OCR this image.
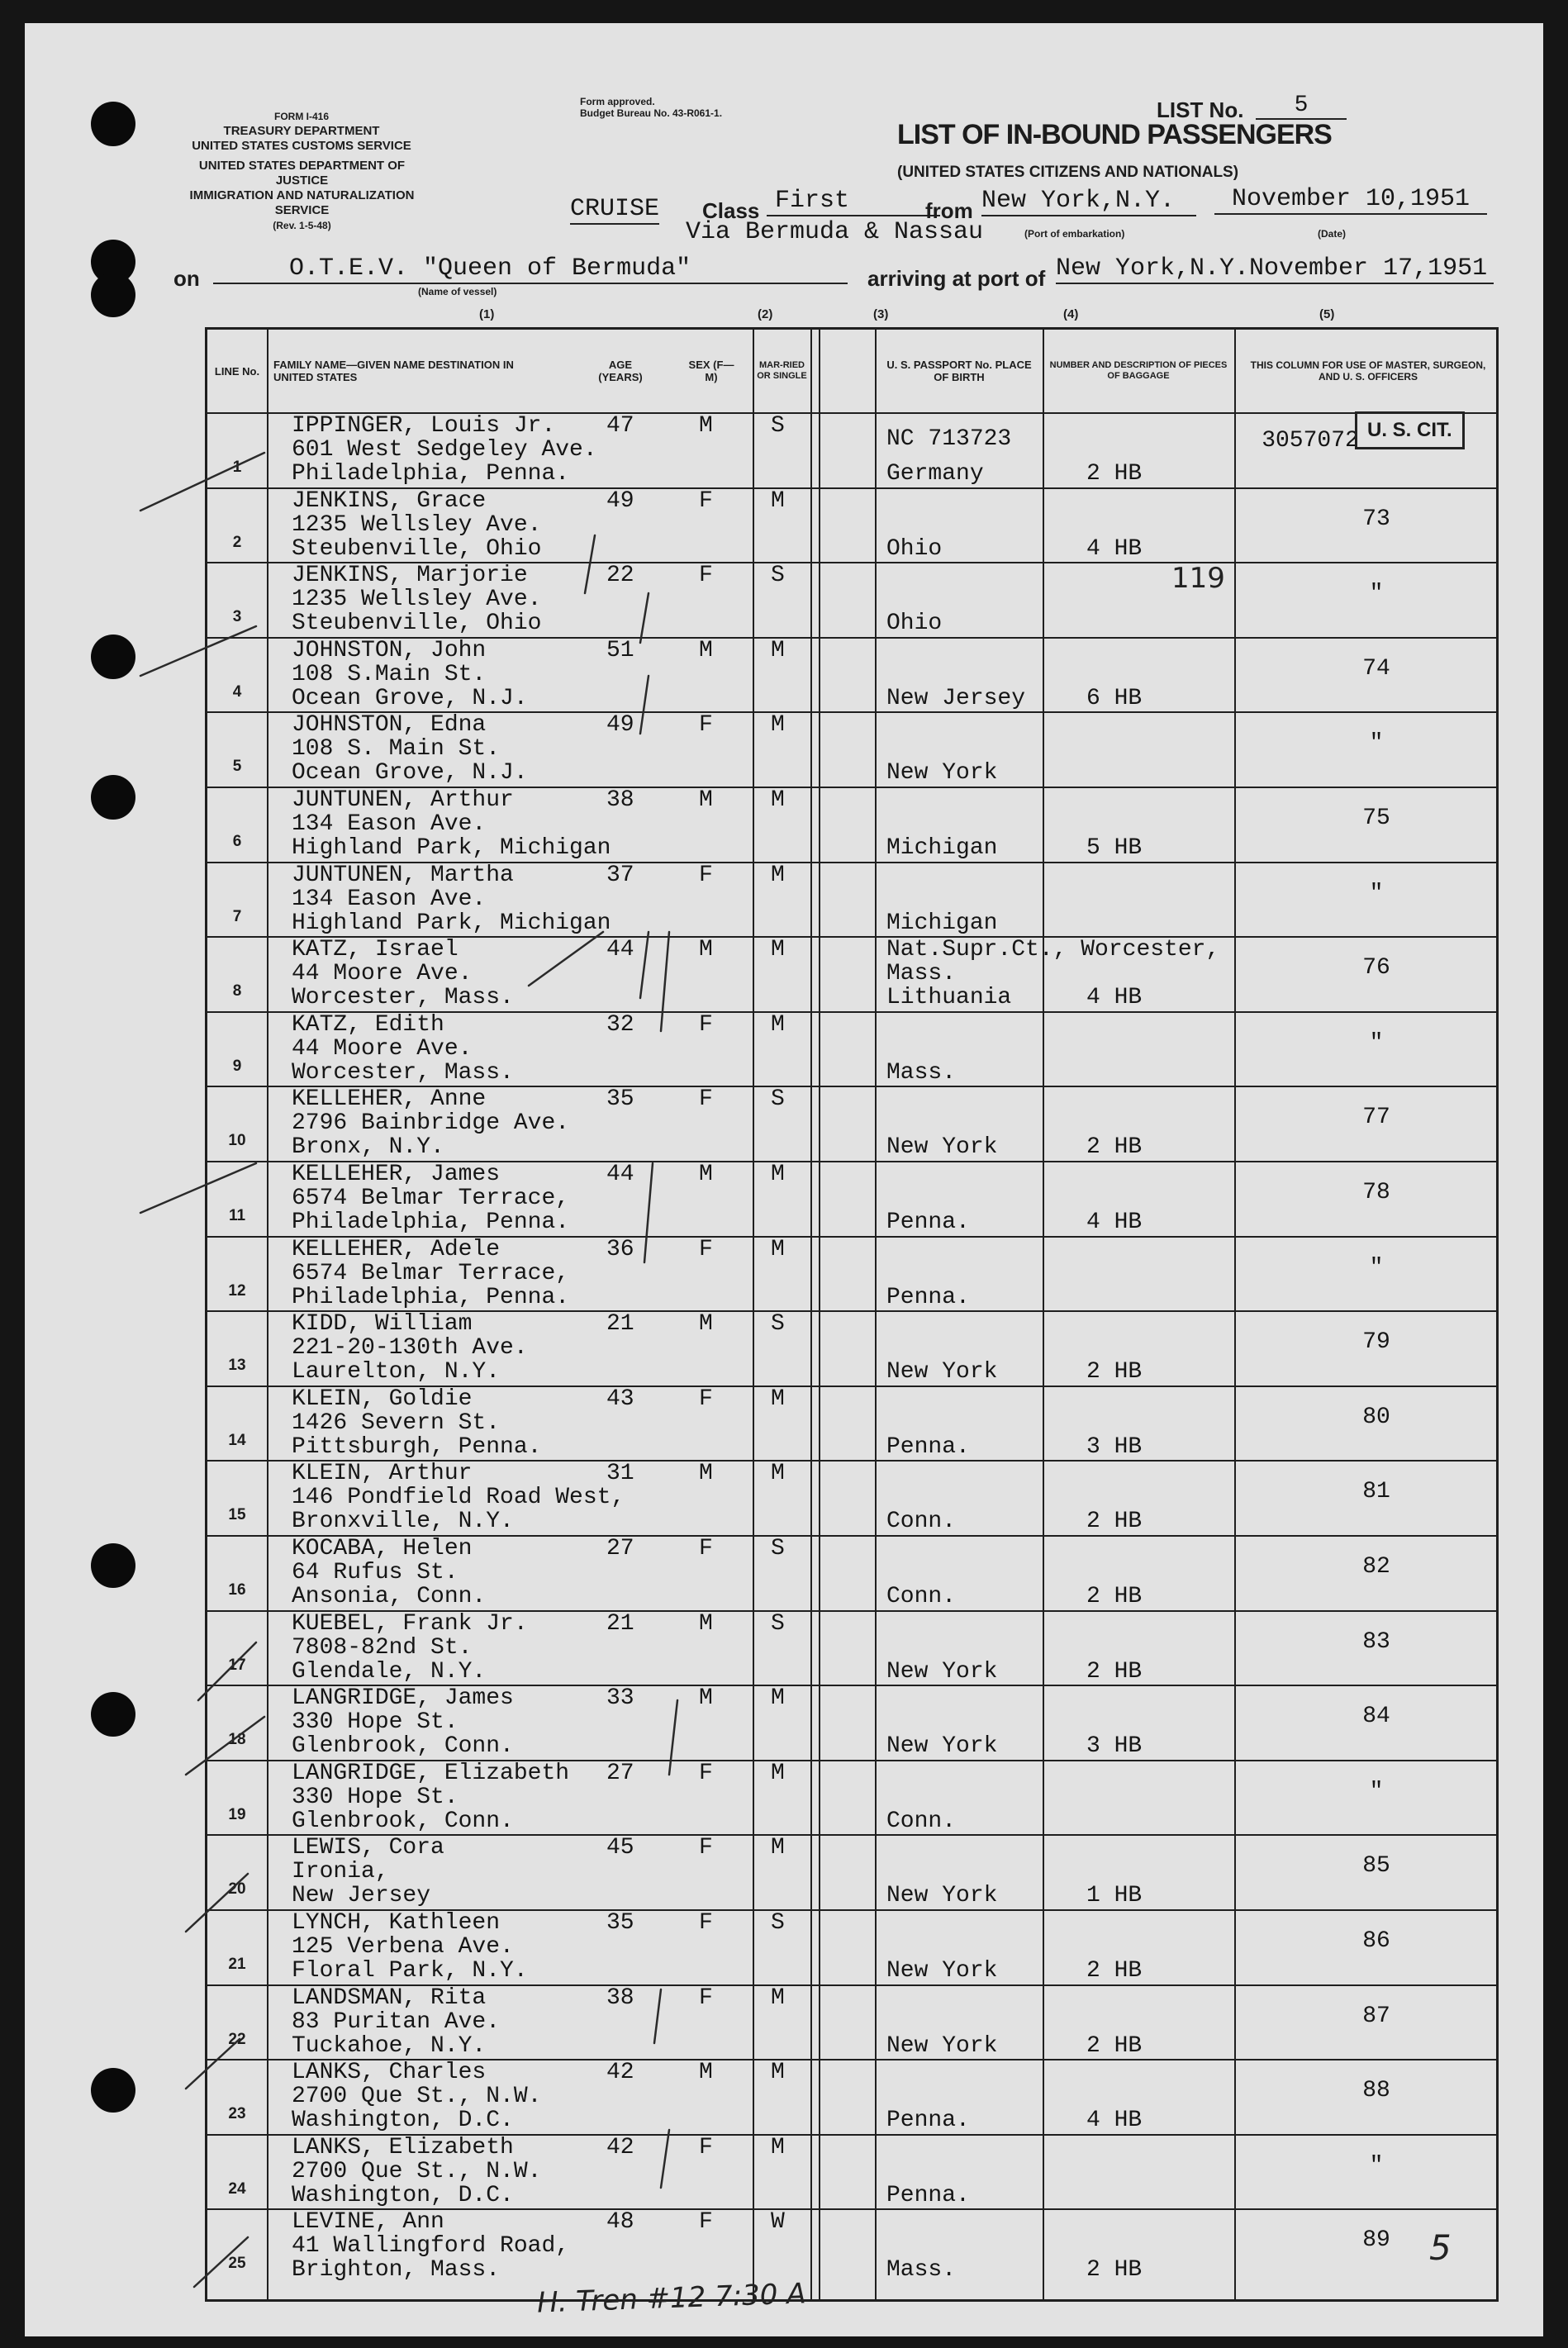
FORM I-416
TREASURY DEPARTMENT
UNITED STATES CUSTOMS SERVICE
UNITED STATES DEPARTMENT OF JUSTICE
IMMIGRATION AND NATURALIZATION SERVICE
(Rev. 1-5-48)
Form approved.
Budget Bureau No. 43-R061-1.	LIST No.	5
LIST OF IN-BOUND PASSENGERS
(UNITED STATES CITIZENS AND NATIONALS)
CRUISE Class First	from New York,N.Y.	November 10,1951
Via Bermuda & Nassau	(Port of embarkation)	(Date)
on	O.T.E.V. "Queen of Bermuda"
(Name of vessel)
arriving at port of New York,N.Y.November 17,1951
(1)	(2)	(3)	(4)	(5)
LINE No.	FAMILY NAME—GIVEN NAME DESTINATION IN UNITED STATES
AGE (YEARS)
SEX (F—M)
MAR-RIED OR SINGLE
U. S. PASSPORT No. PLACE OF BIRTH
NUMBER AND DESCRIPTION OF PIECES OF BAGGAGE
THIS COLUMN FOR USE OF MASTER, SURGEON, AND U. S. OFFICERS
1
IPPINGER, Louis Jr.
601 West Sedgeley Ave.
Philadelphia, Penna.
47	M	S
NC 713723
Germany	2 HB
3057072
2
JENKINS, Grace
1235 Wellsley Ave.
Steubenville, Ohio
49	F	M
Ohio	4 HB
73
3
JENKINS, Marjorie
1235 Wellsley Ave.
Steubenville, Ohio
22	F	S
Ohio
"
4
JOHNSTON, John
108 S.Main St.
Ocean Grove, N.J.
51	M	M
New Jersey	6 HB
74
5
JOHNSTON, Edna
108 S. Main St.
Ocean Grove, N.J.
49	F	M
New York
"
6
JUNTUNEN, Arthur
134 Eason Ave.
Highland Park, Michigan
38	M	M
Michigan	5 HB
75
7
JUNTUNEN, Martha
134 Eason Ave.
Highland Park, Michigan
37	F	M
Michigan
"
8
KATZ, Israel
44 Moore Ave.
Worcester, Mass.
44	M	M	Nat.Supr.Ct., Worcester,
Mass.
Lithuania	4 HB
76
9
KATZ, Edith
44 Moore Ave.
Worcester, Mass.
32	F	M
Mass.
"
10
KELLEHER, Anne
2796 Bainbridge Ave.
Bronx, N.Y.
35	F	S
New York	2 HB
77
11
KELLEHER, James
6574 Belmar Terrace,
Philadelphia, Penna.
44	M	M
Penna.	4 HB
78
12
KELLEHER, Adele
6574 Belmar Terrace,
Philadelphia, Penna.
36	F	M
Penna.
"
13
KIDD, William
221-20-130th Ave.
Laurelton, N.Y.
21	M	S
New York	2 HB
79
14
KLEIN, Goldie
1426 Severn St.
Pittsburgh, Penna.
43	F	M
Penna.	3 HB
80
15
KLEIN, Arthur
146 Pondfield Road West,
Bronxville, N.Y.
31	M	M
Conn.	2 HB
81
16
KOCABA, Helen
64 Rufus St.
Ansonia, Conn.
27	F	S
Conn.	2 HB
82
17
KUEBEL, Frank Jr.
7808-82nd St.
Glendale, N.Y.
21	M	S
New York	2 HB
83
18
LANGRIDGE, James
330 Hope St.
Glenbrook, Conn.
33	M	M
New York	3 HB
84
19
LANGRIDGE, Elizabeth
330 Hope St.
Glenbrook, Conn.
27	F	M
Conn.
"
20
LEWIS, Cora
Ironia,
New Jersey
45	F	M
New York	1 HB
85
21
LYNCH, Kathleen
125 Verbena Ave.
Floral Park, N.Y.
35	F	S
New York	2 HB
86
22
LANDSMAN, Rita
83 Puritan Ave.
Tuckahoe, N.Y.
38	F	M
New York	2 HB
87
23
LANKS, Charles
2700 Que St., N.W.
Washington, D.C.
42	M	M
Penna.	4 HB
88
24
LANKS, Elizabeth
2700 Que St., N.W.
Washington, D.C.
42	F	M
Penna.
"
25
LEVINE, Ann
41 Wallingford Road,
Brighton, Mass.
48	F	W
Mass.	2 HB
89
U. S. CIT.
119
5
H. Tren #12 7:30 A
